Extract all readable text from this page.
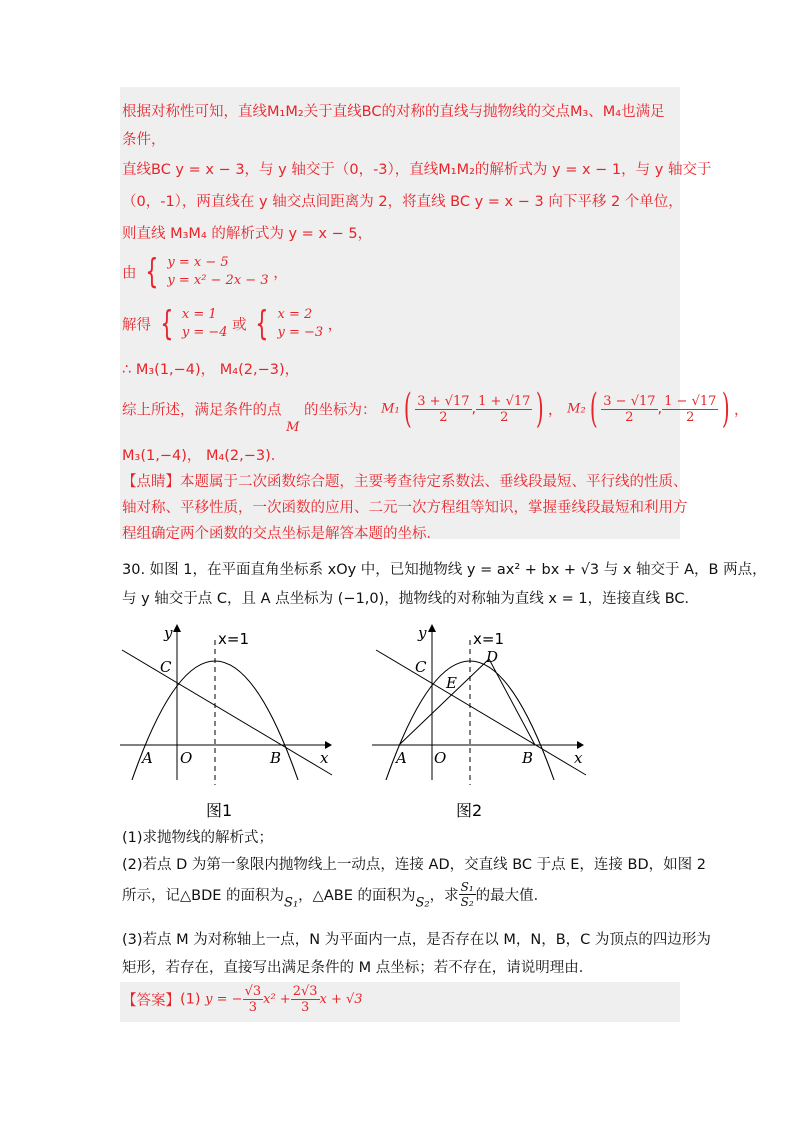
根据对称性可知，直线M₁M₂关于直线BC的对称的直线与抛物线的交点M₃、M₄也满足
条件，
直线BC y = x − 3，与 y 轴交于（0，-3），直线M₁M₂的解析式为 y = x − 1，与 y 轴交于
（0，-1），两直线在 y 轴交点间距离为 2，将直线 BC y = x − 3 向下平移 2 个单位，
则直线 M₃M₄ 的解析式为 y = x − 5，
由 { y = x − 5
y = x² − 2x − 3 ，
解得 { x = 1
y = −4 或 { x = 2
y = −3 ，
∴ M₃(1,−4)， M₄(2,−3)，
综上所述，满足条件的点 M 的坐标为： $M_1( \frac{3 + √17}{2}$ , $\frac{1 + √17}{2}$ ) ， $M_2( \frac{3 - √17}{2}$ , $\frac{1 - √17}{2}$ ) ，
M₃(1,−4)， M₄(2,−3)．
【点睛】本题属于二次函数综合题，主要考查待定系数法、垂线段最短、平行线的性质、
轴对称、平移性质，一次函数的应用、二元一次方程组等知识，掌握垂线段最短和利用方
程组确定两个函数的交点坐标是解答本题的坐标．
30. 如图 1，在平面直角坐标系 xOy 中，已知抛物线 y = ax² + bx + √3 与 x 轴交于 A，B 两点，
与 y 轴交于点 C，且 A 点坐标为 (−1,0)，抛物线的对称轴为直线 x = 1，连接直线 BC．
y
x
x=1
C
A O	B
图1
y
x
x=1
D
C
E
A O	B
图2
(1)求抛物线的解析式；
(2)若点 D 为第一象限内抛物线上一动点，连接 AD，交直线 BC 于点 E，连接 BD，如图 2
所示，记△BDE 的面积为S₁，△ABE 的面积为S₂，求 $\frac{\text{S₁}}{\text{S₂}}$ 的最大值．
(3)若点 M 为对称轴上一点，N 为平面内一点，是否存在以 M，N，B，C 为顶点的四边形为
矩形，若存在，直接写出满足条件的 M 点坐标；若不存在，请说明理由．
【答案】(1) y = − $\frac{√3}{3} x^2 + \frac{2√3}{3}$ x + √3
